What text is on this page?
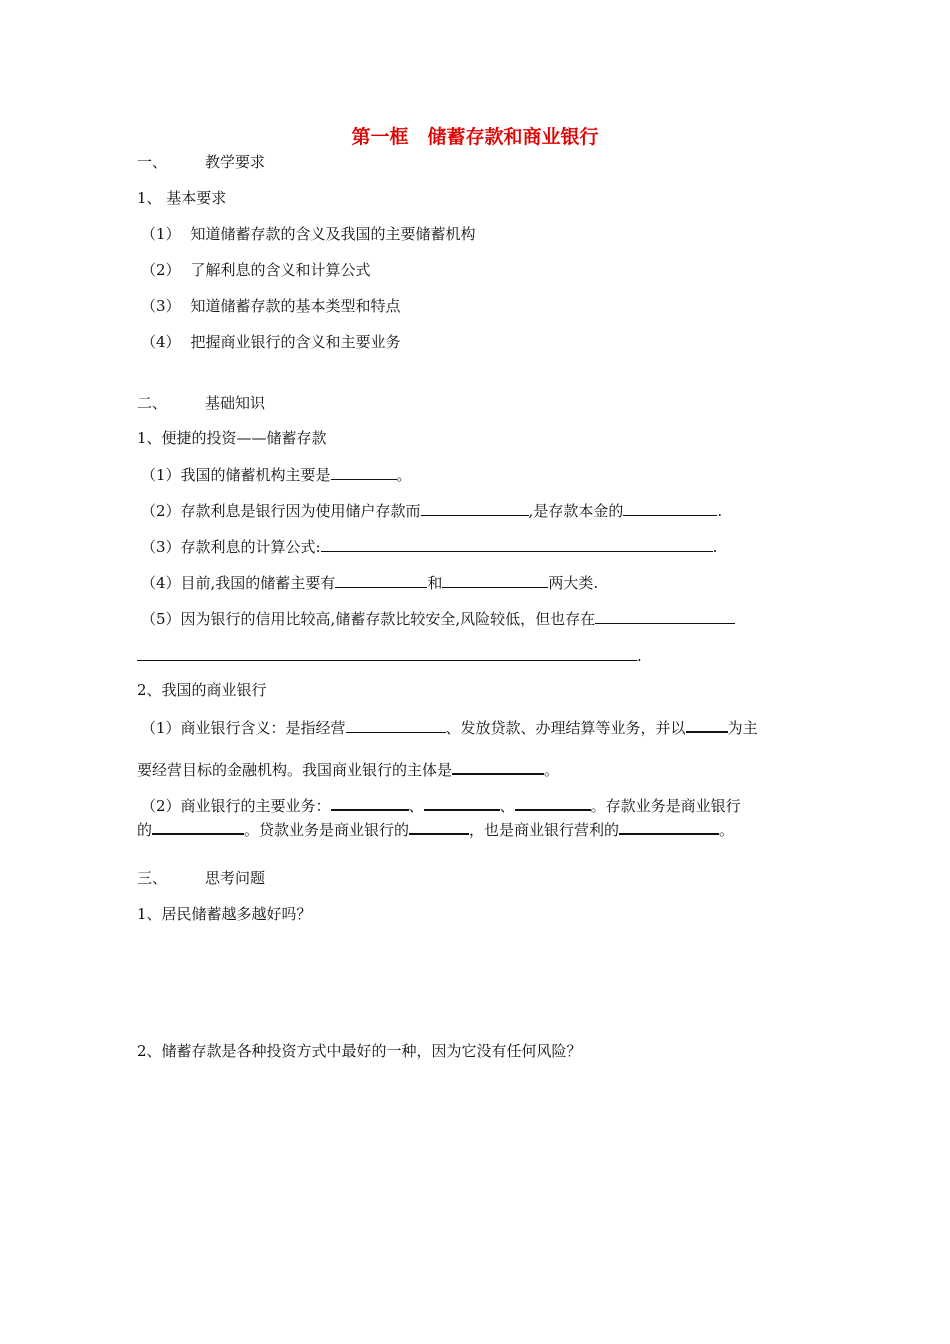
第一框　储蓄存款和商业银行
一、	教学要求
1、 基本要求
（1） 知道储蓄存款的含义及我国的主要储蓄机构
（2） 了解利息的含义和计算公式
（3） 知道储蓄存款的基本类型和特点
（4） 把握商业银行的含义和主要业务
二、	基础知识
1、便捷的投资——储蓄存款
（1）我国的储蓄机构主要是	。
（2）存款利息是银行因为使用储户存款而	,是存款本金的	.
（3）存款利息的计算公式:	.
（4）目前,我国的储蓄主要有	和	两大类.
（5）因为银行的信用比较高,储蓄存款比较安全,风险较低，但也存在
.
2、我国的商业银行
（1）商业银行含义：是指经营	、发放贷款、办理结算等业务，并以	为主
要经营目标的金融机构。我国商业银行的主体是	。
（2）商业银行的主要业务：	、	、	。存款业务是商业银行
的	。贷款业务是商业银行的	，也是商业银行营利的	。
三、	思考问题
1、居民储蓄越多越好吗？
2、储蓄存款是各种投资方式中最好的一种，因为它没有任何风险？
